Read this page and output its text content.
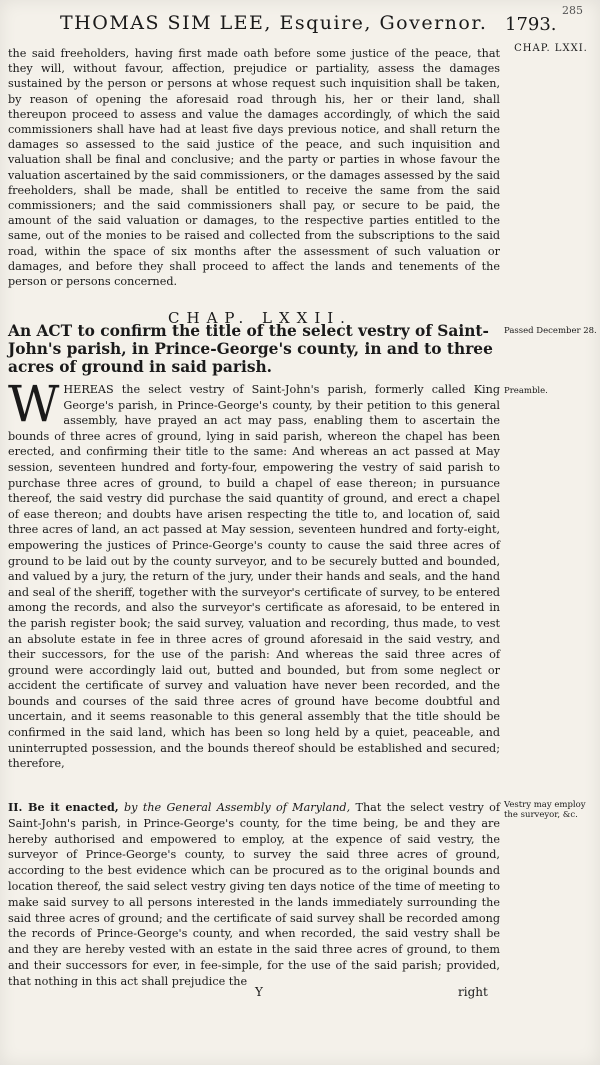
THOMAS SIM LEE, Esquire, Governor. 1793.
285
CHAP. LXXI.

the said freeholders, having first made oath before some justice of the peace, that they will, without favour, affection, prejudice or partiality, assess the damages sustained by the person or persons at whose request such inquisition shall be taken, by reason of opening the aforesaid road through his, her or their land, shall thereupon proceed to assess and value the damages accordingly, of which the said commissioners shall have had at least five days previous notice, and shall return the damages so assessed to the said justice of the peace, and such inquisition and valuation shall be final and conclusive; and the party or parties in whose favour the valuation ascertained by the said commissioners, or the damages assessed by the said freeholders, shall be made, shall be entitled to receive the same from the said commissioners; and the said commissioners shall pay, or secure to be paid, the amount of the said valuation or damages, to the respective parties entitled to the same, out of the monies to be raised and collected from the subscriptions to the said road, within the space of six months after the assessment of such valuation or damages, and before they shall proceed to affect the lands and tenements of the person or persons concerned.

CHAP. LXXII.

An ACT to confirm the title of the select vestry of Saint-John's parish, in Prince-George's county, in and to three acres of ground in said parish.

Passed December 28.
Preamble.

WHEREAS the select vestry of Saint-John's parish, formerly called King George's parish, in Prince-George's county, by their petition to this general assembly, have prayed an act may pass, enabling them to ascertain the bounds of three acres of ground, lying in said parish, whereon the chapel has been erected, and confirming their title to the same: And whereas an act passed at May session, seventeen hundred and forty-four, empowering the vestry of said parish to purchase three acres of ground, to build a chapel of ease thereon; in pursuance thereof, the said vestry did purchase the said quantity of ground, and erect a chapel of ease thereon; and doubts have arisen respecting the title to, and location of, said three acres of land, an act passed at May session, seventeen hundred and forty-eight, empowering the justices of Prince-George's county to cause the said three acres of ground to be laid out by the county surveyor, and to be securely butted and bounded, and valued by a jury, the return of the jury, under their hands and seals, and the hand and seal of the sheriff, together with the surveyor's certificate of survey, to be entered among the records, and also the surveyor's certificate as aforesaid, to be entered in the parish register book; the said survey, valuation and recording, thus made, to vest an absolute estate in fee in three acres of ground aforesaid in the said vestry, and their successors, for the use of the parish: And whereas the said three acres of ground were accordingly laid out, butted and bounded, but from some neglect or accident the certificate of survey and valuation have never been recorded, and the bounds and courses of the said three acres of ground have become doubtful and uncertain, and it seems reasonable to this general assembly that the title should be confirmed in the said land, which has been so long held by a quiet, peaceable, and uninterrupted possession, and the bounds thereof should be established and secured; therefore,

Vestry may employ the surveyor, &c.

II. Be it enacted, by the General Assembly of Maryland, That the select vestry of Saint-John's parish, in Prince-George's county, for the time being, be and they are hereby authorised and empowered to employ, at the expence of said vestry, the surveyor of Prince-George's county, to survey the said three acres of ground, according to the best evidence which can be procured as to the original bounds and location thereof, the said select vestry giving ten days notice of the time of meeting to make said survey to all persons interested in the lands immediately surrounding the said three acres of ground; and the certificate of said survey shall be recorded among the records of Prince-George's county, and when recorded, the said vestry shall be and they are hereby vested with an estate in the said three acres of ground, to them and their successors for ever, in fee-simple, for the use of the said parish; provided, that nothing in this act shall prejudice the

Y	right
